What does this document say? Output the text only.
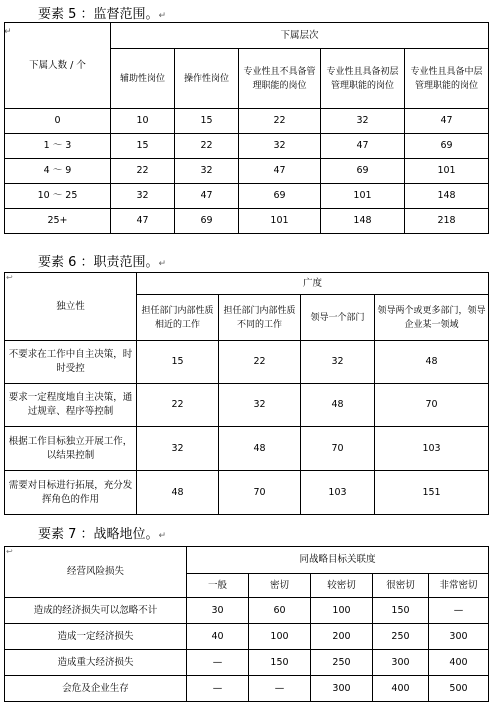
要素 5 ：监督范围。↵
↵
下属人数 / 个	下属层次				
	辅助性岗位	操作性岗位	专业性且不具备管理职能的岗位	专业性且具备初层管理职能的岗位	专业性且具备中层管理职能的岗位
0	10	15	22	32	47
1 ～ 3	15	22	32	47	69
4 ～ 9	22	32	47	69	101
10 ～ 25	32	47	69	101	148
25+	47	69	101	148	218
要素 6 ：职责范围。↵
↩
独立性	广度			
	担任部门内部性质相近的工作	担任部门内部性质不同的工作	领导一个部门	领导两个或更多部门，领导企业某一领域
不要求在工作中自主决策，时时受控	15	22	32	48
要求一定程度地自主决策，通过规章、程序等控制	22	32	48	70
根据工作目标独立开展工作，以结果控制	32	48	70	103
需要对目标进行拓展，充分发挥角色的作用	48	70	103	151
要素 7 ：战略地位。↵
↩
经营风险损失	同战略目标关联度				
	一般	密切	较密切	很密切	非常密切
造成的经济损失可以忽略不计	30	60	100	150	—
造成一定经济损失	40	100	200	250	300
造成重大经济损失	—	150	250	300	400
会危及企业生存	—	—	300	400	500
